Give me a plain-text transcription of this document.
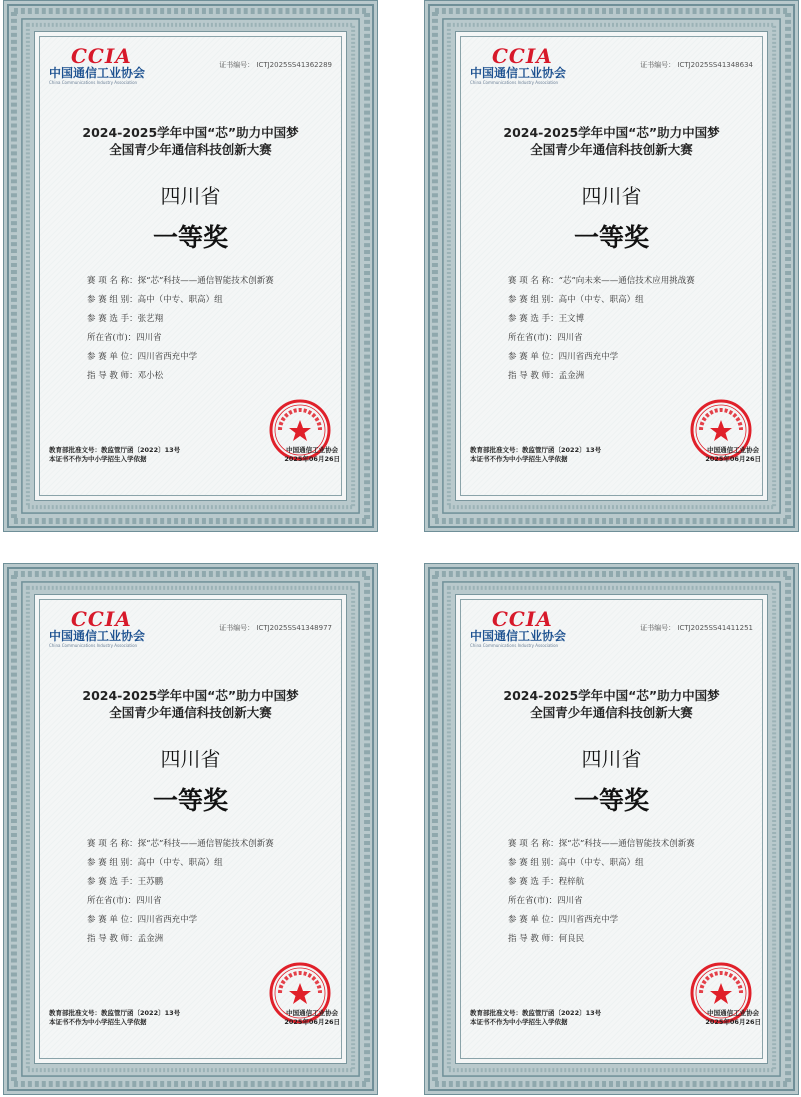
CCIA
中国通信工业协会
China Communications Industry Association
证书编号： ICTJ2025SS41362289
2024-2025学年中国“芯”助力中国梦
全国青少年通信科技创新大赛
四川省
一等奖
赛 项 名 称：探“芯”科技——通信智能技术创新赛
参 赛 组 别：高中（中专、职高）组
参 赛 选 手：张艺翔
所在省(市)：四川省
参 赛 单 位：四川省西充中学
指 导 教 师：邓小松
教育部批准文号：教监管厅函〔2022〕13号
本证书不作为中小学招生入学依据
中国通信工业协会
2025年06月26日
CCIA
中国通信工业协会
China Communications Industry Association
证书编号： ICTJ2025SS41348634
2024-2025学年中国“芯”助力中国梦
全国青少年通信科技创新大赛
四川省
一等奖
赛 项 名 称：“芯”向未来——通信技术应用挑战赛
参 赛 组 别：高中（中专、职高）组
参 赛 选 手：王文博
所在省(市)：四川省
参 赛 单 位：四川省西充中学
指 导 教 师：孟金洲
教育部批准文号：教监管厅函〔2022〕13号
本证书不作为中小学招生入学依据
中国通信工业协会
2025年06月26日
CCIA
中国通信工业协会
China Communications Industry Association
证书编号： ICTJ2025SS41348977
2024-2025学年中国“芯”助力中国梦
全国青少年通信科技创新大赛
四川省
一等奖
赛 项 名 称：探“芯”科技——通信智能技术创新赛
参 赛 组 别：高中（中专、职高）组
参 赛 选 手：王苏鹏
所在省(市)：四川省
参 赛 单 位：四川省西充中学
指 导 教 师：孟金洲
教育部批准文号：教监管厅函〔2022〕13号
本证书不作为中小学招生入学依据
中国通信工业协会
2025年06月26日
CCIA
中国通信工业协会
China Communications Industry Association
证书编号： ICTJ2025SS41411251
2024-2025学年中国“芯”助力中国梦
全国青少年通信科技创新大赛
四川省
一等奖
赛 项 名 称：探“芯”科技——通信智能技术创新赛
参 赛 组 别：高中（中专、职高）组
参 赛 选 手：程梓航
所在省(市)：四川省
参 赛 单 位：四川省西充中学
指 导 教 师：何良民
教育部批准文号：教监管厅函〔2022〕13号
本证书不作为中小学招生入学依据
中国通信工业协会
2025年06月26日
